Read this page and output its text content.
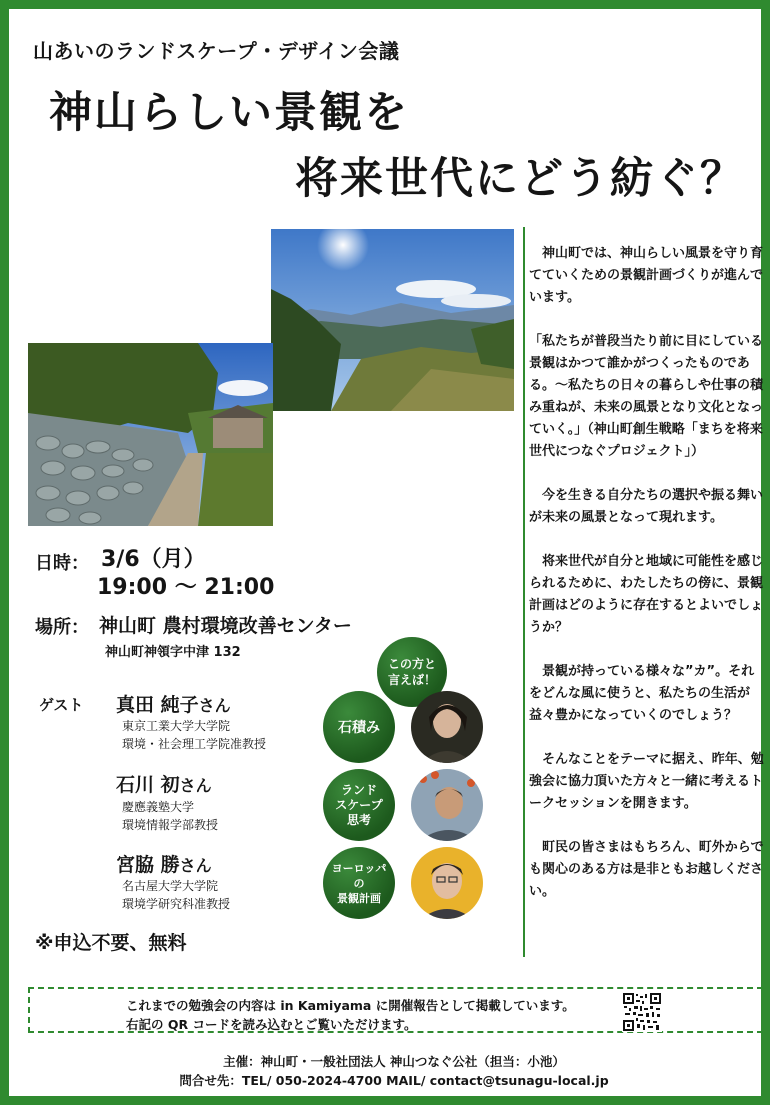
山あいのランドスケープ・デザイン会議
神山らしい景観を
将来世代にどう紡ぐ？
日時： 3/6（月）
19:00 ～ 21:00
場所： 神山町 農村環境改善センター
神山町神領字中津 132
ゲスト 真田 純子さん
東京工業大学大学院
環境・社会理工学院准教授
石川 初さん
慶應義塾大学
環境情報学部教授
宮脇 勝さん
名古屋大学大学院
環境学研究科准教授
この方と
言えば！
石積み
ランド
スケープ
思考
ヨーロッパ
の
景観計画
※申込不要、無料

　神山町では、神山らしい風景を守り育てていくための景観計画づくりが進んでいます。

「私たちが普段当たり前に目にしている景観はかつて誰かがつくったものである。～私たちの日々の暮らしや仕事の積み重ねが、未来の風景となり文化となっていく。」（神山町創生戦略「まちを将来世代につなぐプロジェクト」）

　今を生きる自分たちの選択や振る舞いが未来の風景となって現れます。

　将来世代が自分と地域に可能性を感じられるために、わたしたちの傍に、景観計画はどのように存在するとよいでしょうか？

　景観が持っている様々な”カ”。それをどんな風に使うと、私たちの生活が益々豊かになっていくのでしょう？

　そんなことをテーマに据え、昨年、勉強会に協力頂いた方々と一緒に考えるトークセッションを開きます。

　町民の皆さまはもちろん、町外からでも関心のある方は是非ともお越しください。

これまでの勉強会の内容は in Kamiyama に開催報告として掲載しています。
右記の QR コードを読み込むとご覧いただけます。
主催：神山町・一般社団法人 神山つなぐ公社（担当：小池）
問合せ先：TEL/ 050-2024-4700 MAIL/ contact@tsunagu-local.jp
